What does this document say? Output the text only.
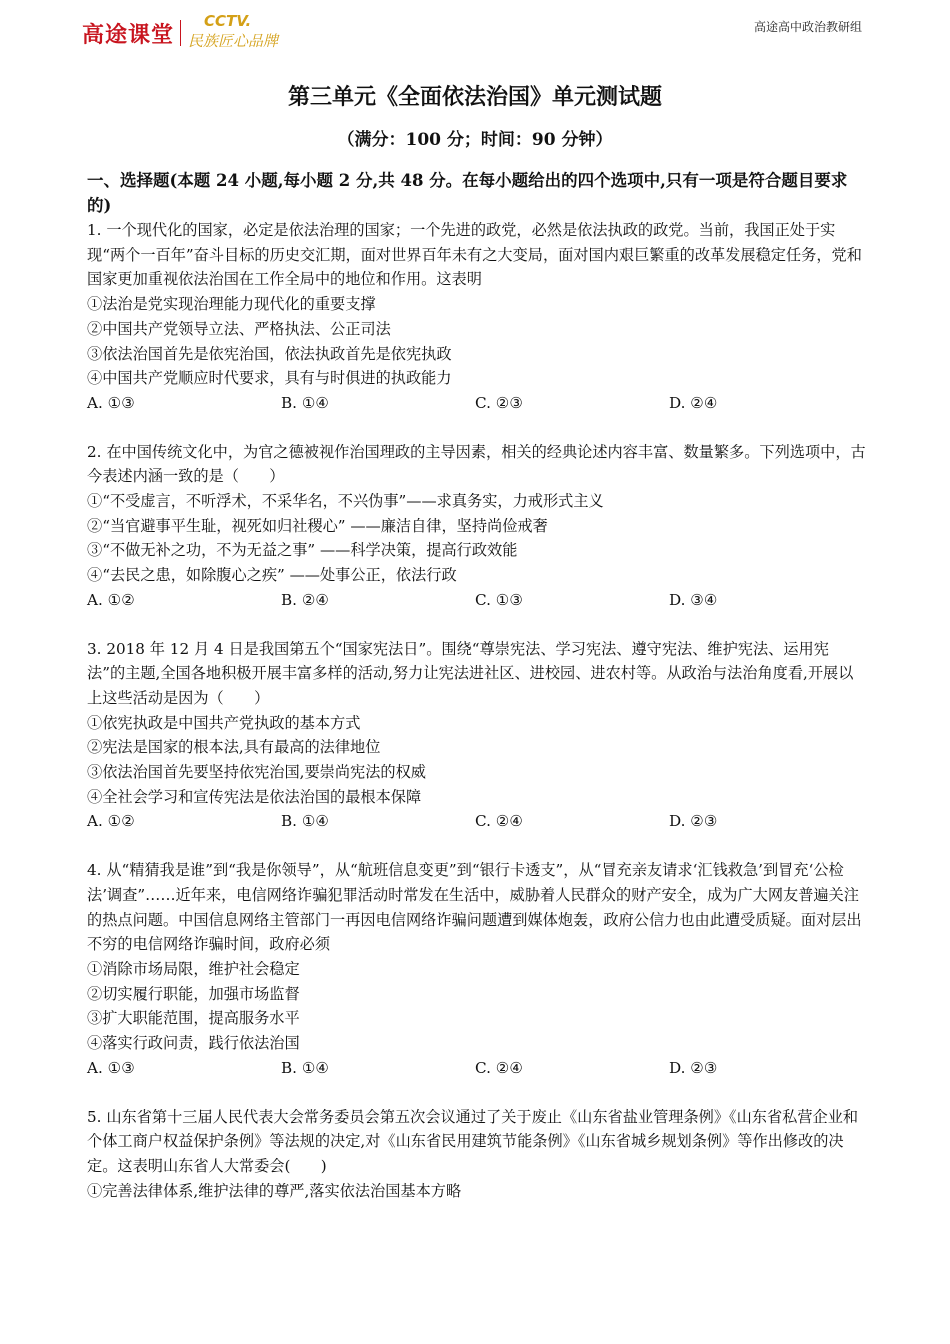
高途课堂
CCTV.
民族匠心品牌
高途高中政治教研组
第三单元《全面依法治国》单元测试题
（满分：100 分；时间：90 分钟）
一、选择题(本题 24 小题,每小题 2 分,共 48 分。在每小题给出的四个选项中,只有一项是符合题目要求的)

1. 一个现代化的国家，必定是依法治理的国家；一个先进的政党，必然是依法执政的政党。当前，我国正处于实现“两个一百年”奋斗目标的历史交汇期，面对世界百年未有之大变局，面对国内艰巨繁重的改革发展稳定任务，党和国家更加重视依法治国在工作全局中的地位和作用。这表明

①法治是党实现治理能力现代化的重要支撑

②中国共产党领导立法、严格执法、公正司法

③依法治国首先是依宪治国，依法执政首先是依宪执政

④中国共产党顺应时代要求，具有与时俱进的执政能力

A. ①③	B. ①④	C. ②③	D. ②④

2. 在中国传统文化中，为官之德被视作治国理政的主导因素，相关的经典论述内容丰富、数量繁多。下列选项中，古今表述内涵一致的是（　　）

①“不受虚言，不听浮术，不采华名，不兴伪事”——求真务实，力戒形式主义

②“当官避事平生耻，视死如归社稷心” ——廉洁自律，坚持尚俭戒奢

③“不做无补之功，不为无益之事” ——科学决策，提高行政效能

④“去民之患，如除腹心之疾” ——处事公正，依法行政

A. ①②	B. ②④	C. ①③	D. ③④

3. 2018 年 12 月 4 日是我国第五个“国家宪法日”。围绕“尊崇宪法、学习宪法、遵守宪法、维护宪法、运用宪法”的主题,全国各地积极开展丰富多样的活动,努力让宪法进社区、进校园、进农村等。从政治与法治角度看,开展以上这些活动是因为（　　）

①依宪执政是中国共产党执政的基本方式

②宪法是国家的根本法,具有最高的法律地位

③依法治国首先要坚持依宪治国,要崇尚宪法的权威

④全社会学习和宣传宪法是依法治国的最根本保障

A. ①②	B. ①④	C. ②④	D. ②③

4. 从“精猜我是谁”到“我是你领导”，从“航班信息变更”到“银行卡透支”，从“冒充亲友请求‘汇钱救急’到冒充‘公检法’调查”……近年来，电信网络诈骗犯罪活动时常发在生活中，威胁着人民群众的财产安全，成为广大网友普遍关注的热点问题。中国信息网络主管部门一再因电信网络诈骗问题遭到媒体炮轰，政府公信力也由此遭受质疑。面对层出不穷的电信网络诈骗时间，政府必须

①消除市场局限，维护社会稳定

②切实履行职能，加强市场监督

③扩大职能范围，提高服务水平

④落实行政问责，践行依法治国

A. ①③	B. ①④	C. ②④	D. ②③

5. 山东省第十三届人民代表大会常务委员会第五次会议通过了关于废止《山东省盐业管理条例》《山东省私营企业和个体工商户权益保护条例》等法规的决定,对《山东省民用建筑节能条例》《山东省城乡规划条例》等作出修改的决定。这表明山东省人大常委会(　　)

①完善法律体系,维护法律的尊严,落实依法治国基本方略
